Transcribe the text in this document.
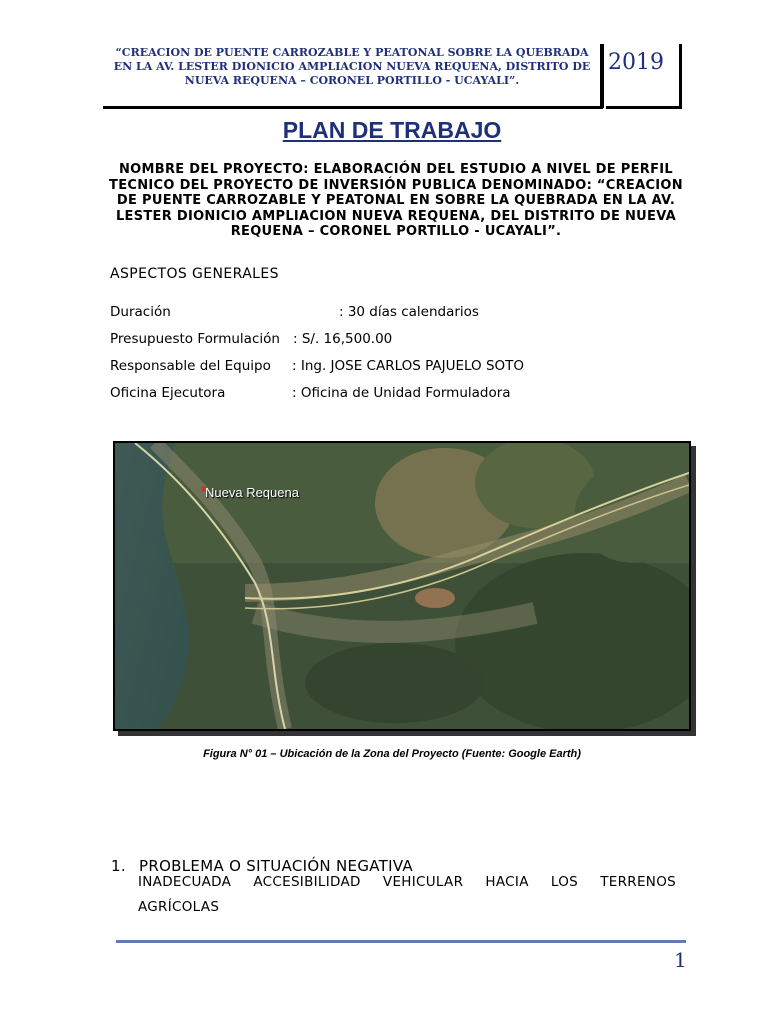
“CREACION DE PUENTE CARROZABLE Y PEATONAL SOBRE LA QUEBRADA EN LA AV. LESTER DIONICIO AMPLIACION NUEVA REQUENA, DISTRITO DE NUEVA REQUENA – CORONEL PORTILLO - UCAYALI”.
2019
PLAN DE TRABAJO
NOMBRE DEL PROYECTO: ELABORACIÓN DEL ESTUDIO A NIVEL DE PERFIL TECNICO DEL PROYECTO DE INVERSIÓN PUBLICA DENOMINADO: “CREACION DE PUENTE CARROZABLE Y PEATONAL EN SOBRE LA QUEBRADA EN LA AV. LESTER DIONICIO AMPLIACION NUEVA REQUENA, DEL DISTRITO DE NUEVA REQUENA – CORONEL PORTILLO - UCAYALI”.
ASPECTOS GENERALES
Duración	: 30 días calendarios
Presupuesto Formulación : S/. 16,500.00
Responsable del Equipo : Ing. JOSE CARLOS PAJUELO SOTO
Oficina Ejecutora	: Oficina de Unidad Formuladora
Nueva Requena
Figura N° 01 – Ubicación de la Zona del Proyecto (Fuente: Google Earth)
1. PROBLEMA O SITUACIÓN NEGATIVA
INADECUADA ACCESIBILIDAD VEHICULAR HACIA LOS TERRENOS
AGRÍCOLAS
1
